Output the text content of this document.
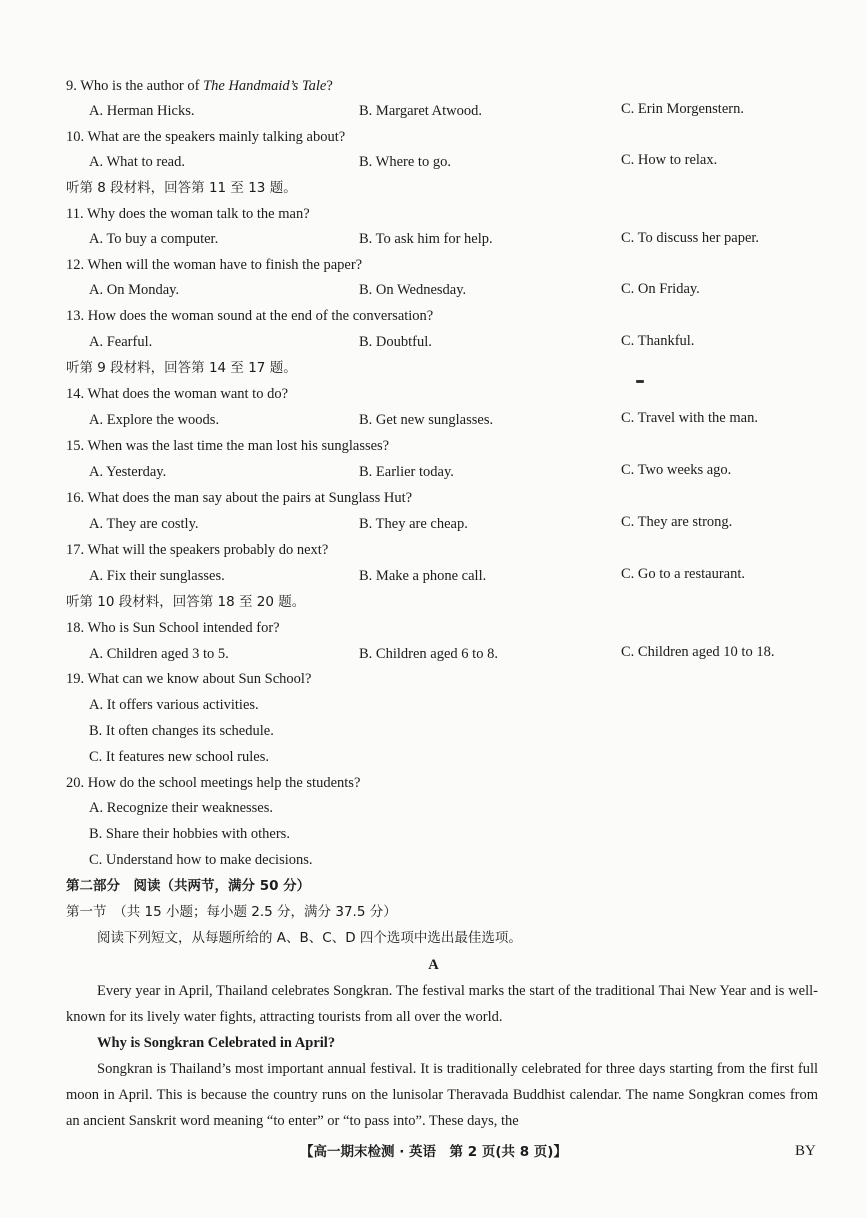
9. Who is the author of The Handmaid’s Tale?
A. Herman Hicks.	B. Margaret Atwood.	C. Erin Morgenstern.
10. What are the speakers mainly talking about?
A. What to read.	B. Where to go.	C. How to relax.
听第 8 段材料，回答第 11 至 13 题。
11. Why does the woman talk to the man?
A. To buy a computer.	B. To ask him for help.	C. To discuss her paper.
12. When will the woman have to finish the paper?
A. On Monday.	B. On Wednesday.	C. On Friday.
13. How does the woman sound at the end of the conversation?
A. Fearful.	B. Doubtful.	C. Thankful.
听第 9 段材料，回答第 14 至 17 题。
14. What does the woman want to do?
A. Explore the woods.	B. Get new sunglasses.	C. Travel with the man.
15. When was the last time the man lost his sunglasses?
A. Yesterday.	B. Earlier today.	C. Two weeks ago.
16. What does the man say about the pairs at Sunglass Hut?
A. They are costly.	B. They are cheap.	C. They are strong.
17. What will the speakers probably do next?
A. Fix their sunglasses.	B. Make a phone call.	C. Go to a restaurant.
听第 10 段材料，回答第 18 至 20 题。
18. Who is Sun School intended for?
A. Children aged 3 to 5.	B. Children aged 6 to 8.	C. Children aged 10 to 18.
19. What can we know about Sun School?
A. It offers various activities.
B. It often changes its schedule.
C. It features new school rules.
20. How do the school meetings help the students?
A. Recognize their weaknesses.
B. Share their hobbies with others.
C. Understand how to make decisions.
第二部分　阅读（共两节，满分 50 分）
第一节　（共 15 小题；每小题 2.5 分，满分 37.5 分）
阅读下列短文，从每题所给的 A、B、C、D 四个选项中选出最佳选项。
A
Every year in April, Thailand celebrates Songkran. The festival marks the start of the traditional Thai New Year and is well-known for its lively water fights, attracting tourists from all over the world.
Why is Songkran Celebrated in April?
Songkran is Thailand’s most important annual festival. It is traditionally celebrated for three days starting from the first full moon in April. This is because the country runs on the lunisolar Theravada Buddhist calendar. The name Songkran comes from an ancient Sanskrit word meaning “to enter” or “to pass into”. These days, the
【高一期末检测 · 英语　第 2 页(共 8 页)】	BY
